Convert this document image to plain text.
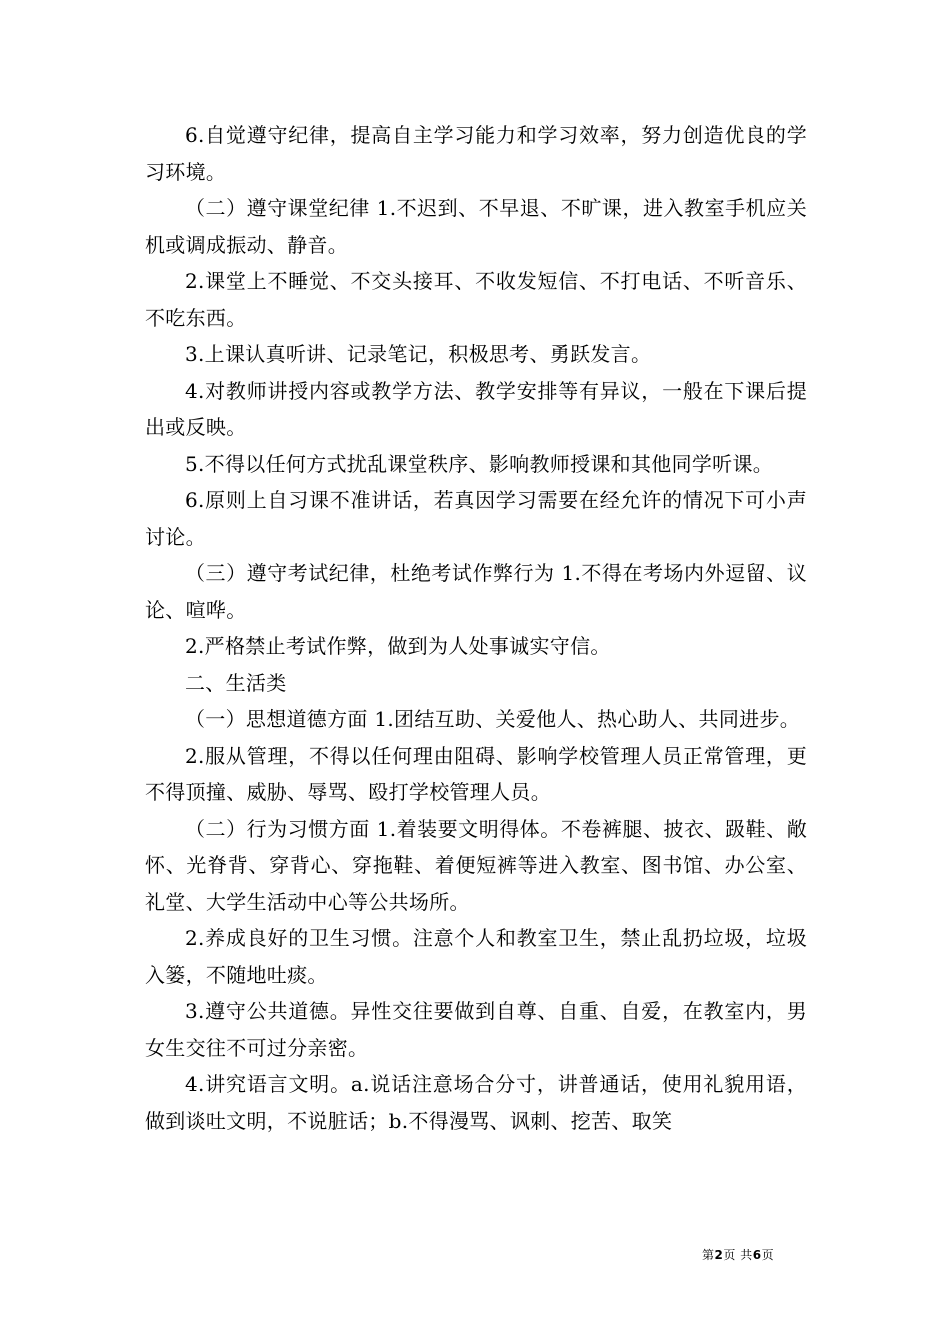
6.自觉遵守纪律，提高自主学习能力和学习效率，努力创造优良的学习环境。

（二）遵守课堂纪律 1.不迟到、不早退、不旷课，进入教室手机应关机或调成振动、静音。

2.课堂上不睡觉、不交头接耳、不收发短信、不打电话、不听音乐、不吃东西。

3.上课认真听讲、记录笔记，积极思考、勇跃发言。

4.对教师讲授内容或教学方法、教学安排等有异议，一般在下课后提出或反映。

5.不得以任何方式扰乱课堂秩序、影响教师授课和其他同学听课。

6.原则上自习课不准讲话，若真因学习需要在经允许的情况下可小声讨论。

（三）遵守考试纪律，杜绝考试作弊行为 1.不得在考场内外逗留、议论、喧哗。

2.严格禁止考试作弊，做到为人处事诚实守信。

二、生活类

（一）思想道德方面 1.团结互助、关爱他人、热心助人、共同进步。

2.服从管理，不得以任何理由阻碍、影响学校管理人员正常管理，更不得顶撞、威胁、辱骂、殴打学校管理人员。

（二）行为习惯方面 1.着装要文明得体。不卷裤腿、披衣、趿鞋、敞怀、光脊背、穿背心、穿拖鞋、着便短裤等进入教室、图书馆、办公室、礼堂、大学生活动中心等公共场所。

2.养成良好的卫生习惯。注意个人和教室卫生，禁止乱扔垃圾，垃圾入篓，不随地吐痰。

3.遵守公共道德。异性交往要做到自尊、自重、自爱，在教室内，男女生交往不可过分亲密。

4.讲究语言文明。a.说话注意场合分寸，讲普通话，使用礼貌用语，做到谈吐文明，不说脏话；b.不得漫骂、讽刺、挖苦、取笑

第2页 共6页
